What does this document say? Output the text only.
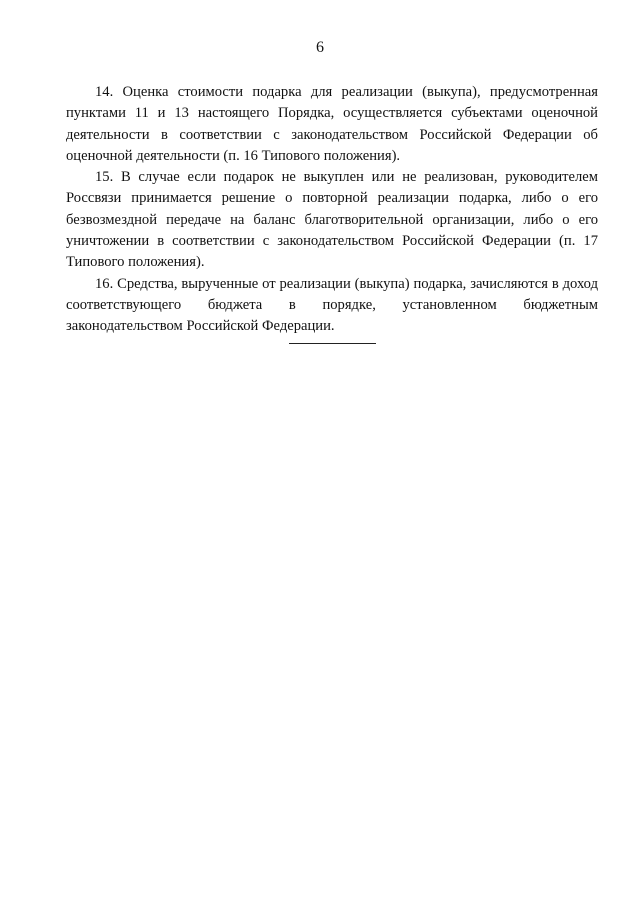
6

14. Оценка стоимости подарка для реализации (выкупа), предусмотренная пунктами 11 и 13 настоящего Порядка, осуществляется субъектами оценочной деятельности в соответствии с законодательством Российской Федерации об оценочной деятельности (п. 16 Типового положения).

15. В случае если подарок не выкуплен или не реализован, руководителем Россвязи принимается решение о повторной реализации подарка, либо о его безвозмездной передаче на баланс благотворительной организации, либо о его уничтожении в соответствии с законодательством Российской Федерации (п. 17 Типового положения).

16. Средства, вырученные от реализации (выкупа) подарка, зачисляются в доход соответствующего бюджета в порядке, установленном бюджетным законодательством Российской Федерации.
